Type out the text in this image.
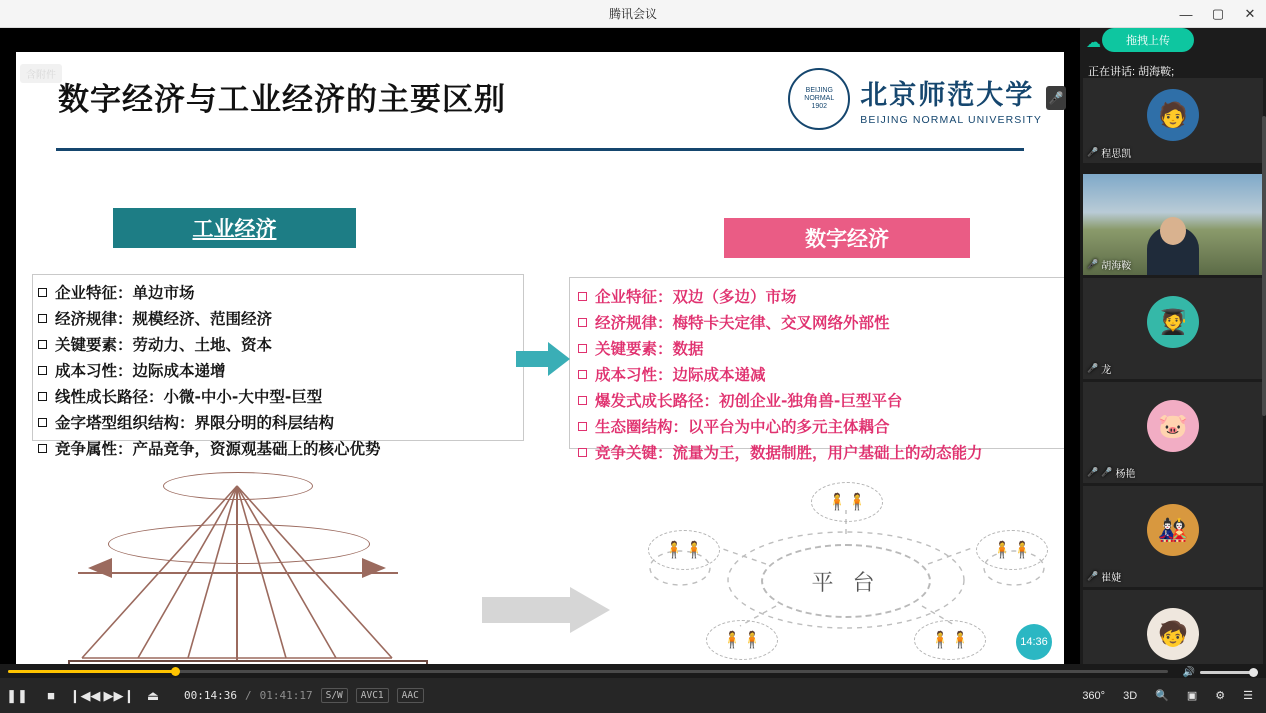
腾讯会议	—	▢	✕
含附件
数字经济与工业经济的主要区别	BEIJING
NORMAL
1902	北京师范大学
BEIJING NORMAL UNIVERSITY
工业经济	数字经济
企业特征：单边市场
经济规律：规模经济、范围经济
关键要素：劳动力、土地、资本
成本习性：边际成本递增
线性成长路径：小微-中小-大中型-巨型
金字塔型组织结构：界限分明的科层结构
竞争属性：产品竞争，资源观基础上的核心优势
企业特征：双边（多边）市场
经济规律：梅特卡夫定律、交叉网络外部性
关键要素：数据
成本习性：边际成本递减
爆发式成长路径：初创企业-独角兽-巨型平台
生态圈结构：以平台为中心的多元主体耦合
竞争关键：流量为王，数据制胜，用户基础上的动态能力
平 台
🧍🧍
🧍🧍	🧍🧍
🧍🧍	🧍🧍	14:36
🎤
☁	拖拽上传
正在讲话: 胡海鞍;
🧑
🎤 程思凯
🎤 胡海鞍
🧑‍🎓
🎤 龙
🐷
🎤 🎤 杨艳
🎎
🎤 崔婕
🧒
🔊
❚❚	■	❙◀◀ ▶▶❙ ⏏	00:14:36 / 01:41:17	S/W	AVC1	AAC	360°	3D	🔍	▣	⚙	☰
